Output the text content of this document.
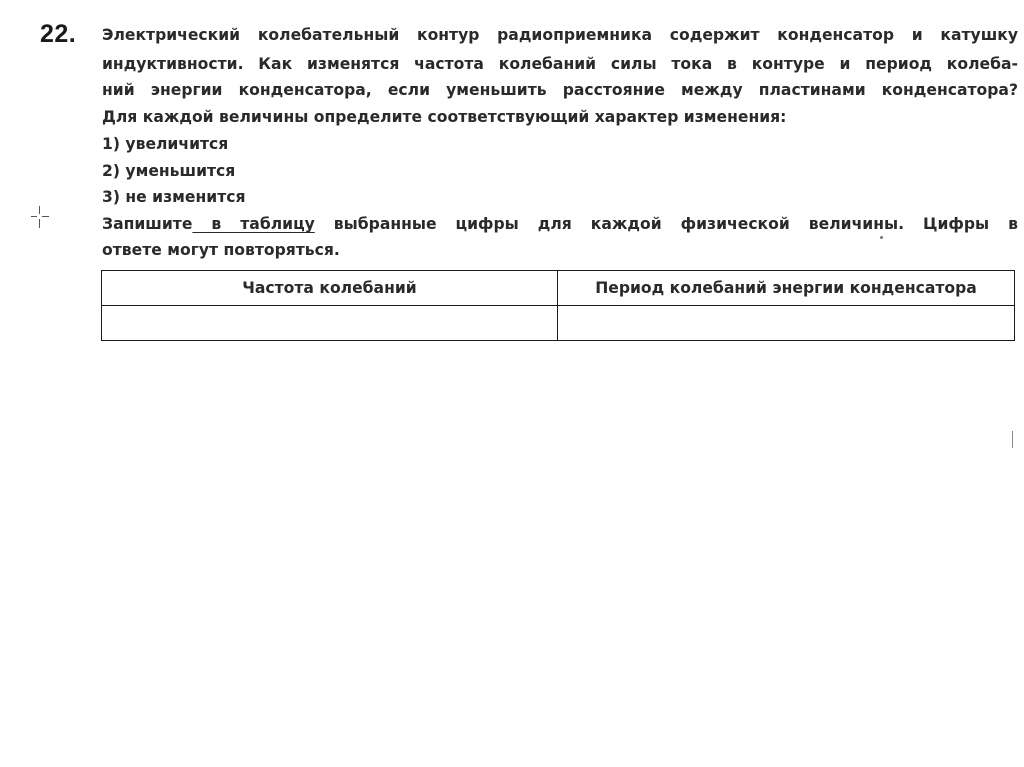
22. Электрический колебательный контур радиоприемника содержит конденсатор и катушку
индуктивности. Как изменятся частота колебаний силы тока в контуре и период колеба-
ний энергии конденсатора, если уменьшить расстояние между пластинами конденсатора?
Для каждой величины определите соответствующий характер изменения:
1) увеличится
2) уменьшится
3) не изменится
Запишите в таблицу выбранные цифры для каждой физической величины. Цифры в
ответе могут повторяться.
Частота колебаний	Период колебаний энергии конденсатора
